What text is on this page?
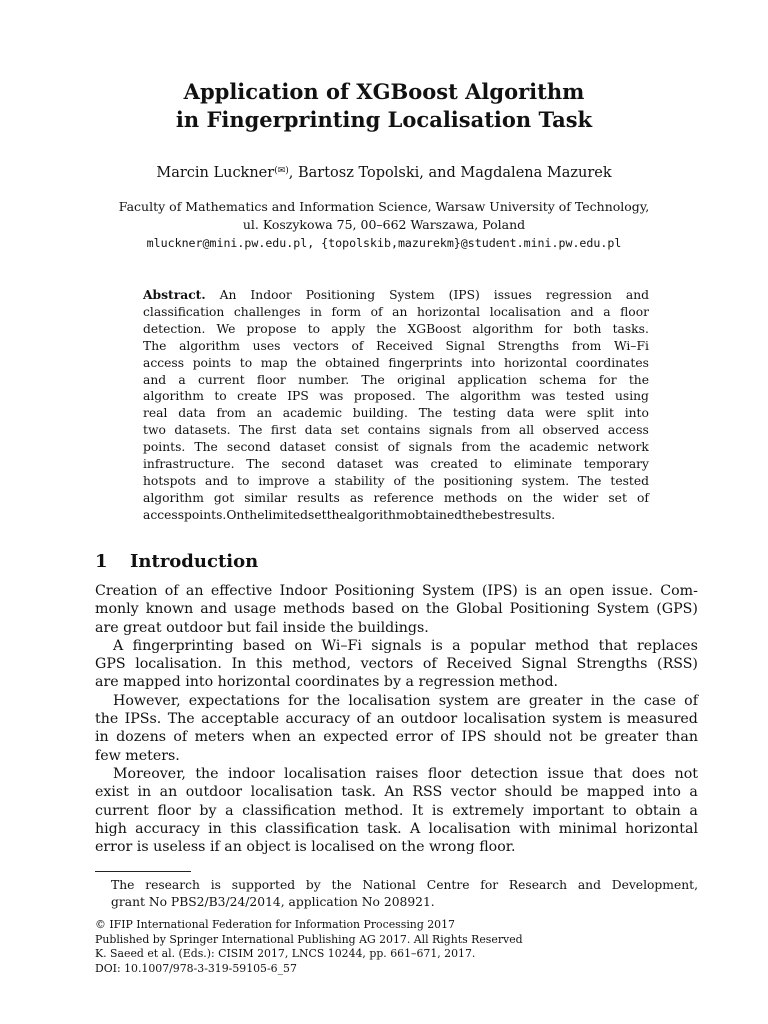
Application of XGBoost Algorithm
in Fingerprinting Localisation Task
Marcin Luckner(✉), Bartosz Topolski, and Magdalena Mazurek
Faculty of Mathematics and Information Science, Warsaw University of Technology,
ul. Koszykowa 75, 00–662 Warszawa, Poland
mluckner@mini.pw.edu.pl, {topolskib,mazurekm}@student.mini.pw.edu.pl
Abstract. An Indoor Positioning System (IPS) issues regression and
classification challenges in form of an horizontal localisation and a floor
detection. We propose to apply the XGBoost algorithm for both tasks.
The algorithm uses vectors of Received Signal Strengths from Wi–Fi
access points to map the obtained fingerprints into horizontal coordinates
and a current floor number. The original application schema for the
algorithm to create IPS was proposed. The algorithm was tested using
real data from an academic building. The testing data were split into
two datasets. The first data set contains signals from all observed access
points. The second dataset consist of signals from the academic network
infrastructure. The second dataset was created to eliminate temporary
hotspots and to improve a stability of the positioning system. The tested
algorithm got similar results as reference methods on the wider set of
access points. On the limited set the algorithm obtained the best results.
1 Introduction
Creation of an effective Indoor Positioning System (IPS) is an open issue. Com-
monly known and usage methods based on the Global Positioning System (GPS)
are great outdoor but fail inside the buildings.
A fingerprinting based on Wi–Fi signals is a popular method that replaces
GPS localisation. In this method, vectors of Received Signal Strengths (RSS)
are mapped into horizontal coordinates by a regression method.
However, expectations for the localisation system are greater in the case of
the IPSs. The acceptable accuracy of an outdoor localisation system is measured
in dozens of meters when an expected error of IPS should not be greater than
few meters.
Moreover, the indoor localisation raises floor detection issue that does not
exist in an outdoor localisation task. An RSS vector should be mapped into a
current floor by a classification method. It is extremely important to obtain a
high accuracy in this classification task. A localisation with minimal horizontal
error is useless if an object is localised on the wrong floor.
The research is supported by the National Centre for Research and Development,
grant No PBS2/B3/24/2014, application No 208921.
© IFIP International Federation for Information Processing 2017
Published by Springer International Publishing AG 2017. All Rights Reserved
K. Saeed et al. (Eds.): CISIM 2017, LNCS 10244, pp. 661–671, 2017.
DOI: 10.1007/978-3-319-59105-6_57
